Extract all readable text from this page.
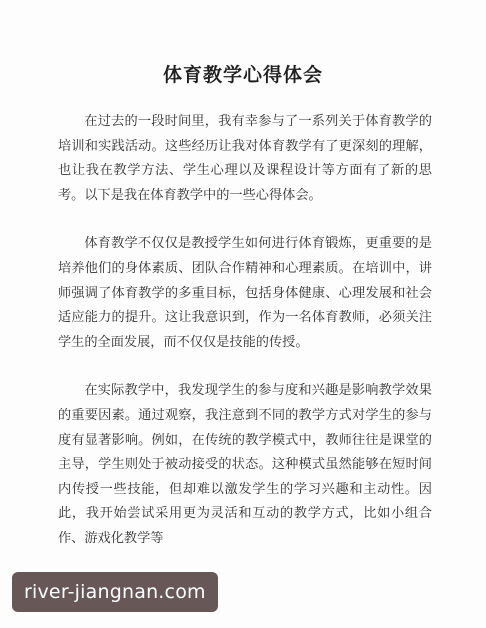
体育教学心得体会

在过去的一段时间里，我有幸参与了一系列关于体育教学的培训和实践活动。这些经历让我对体育教学有了更深刻的理解，也让我在教学方法、学生心理以及课程设计等方面有了新的思考。以下是我在体育教学中的一些心得体会。

体育教学不仅仅是教授学生如何进行体育锻炼，更重要的是培养他们的身体素质、团队合作精神和心理素质。在培训中，讲师强调了体育教学的多重目标，包括身体健康、心理发展和社会适应能力的提升。这让我意识到，作为一名体育教师，必须关注学生的全面发展，而不仅仅是技能的传授。

在实际教学中，我发现学生的参与度和兴趣是影响教学效果的重要因素。通过观察，我注意到不同的教学方式对学生的参与度有显著影响。例如，在传统的教学模式中，教师往往是课堂的主导，学生则处于被动接受的状态。这种模式虽然能够在短时间内传授一些技能，但却难以激发学生的学习兴趣和主动性。因此，我开始尝试采用更为灵活和互动的教学方式，比如小组合作、游戏化教学等

river-jiangnan.com
